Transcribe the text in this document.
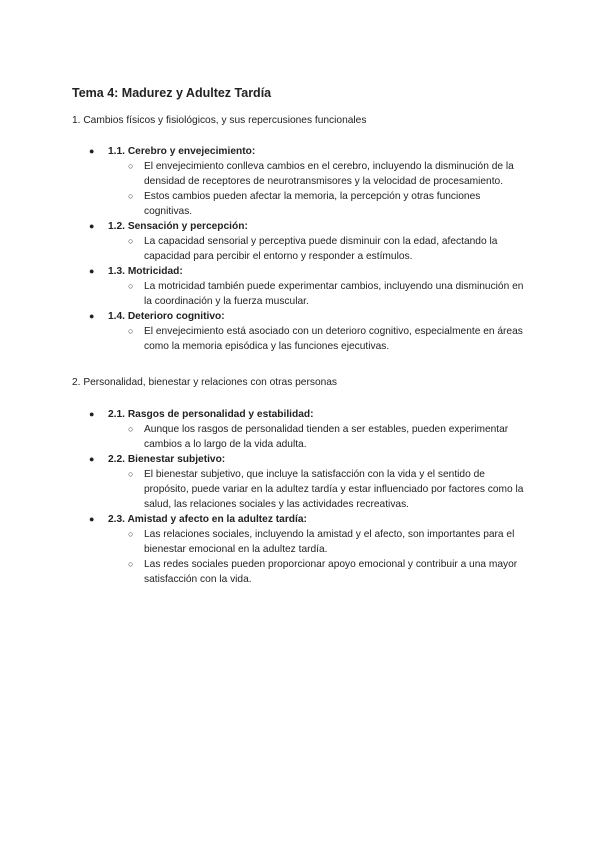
Tema 4: Madurez y Adultez Tardía

1. Cambios físicos y fisiológicos, y sus repercusiones funcionales

● 1.1. Cerebro y envejecimiento:
○ El envejecimiento conlleva cambios en el cerebro, incluyendo la disminución de la densidad de receptores de neurotransmisores y la velocidad de procesamiento.
○ Estos cambios pueden afectar la memoria, la percepción y otras funciones cognitivas.
● 1.2. Sensación y percepción:
○ La capacidad sensorial y perceptiva puede disminuir con la edad, afectando la capacidad para percibir el entorno y responder a estímulos.
● 1.3. Motricidad:
○ La motricidad también puede experimentar cambios, incluyendo una disminución en la coordinación y la fuerza muscular.
● 1.4. Deterioro cognitivo:
○ El envejecimiento está asociado con un deterioro cognitivo, especialmente en áreas como la memoria episódica y las funciones ejecutivas.

2. Personalidad, bienestar y relaciones con otras personas

● 2.1. Rasgos de personalidad y estabilidad:
○ Aunque los rasgos de personalidad tienden a ser estables, pueden experimentar cambios a lo largo de la vida adulta.
● 2.2. Bienestar subjetivo:
○ El bienestar subjetivo, que incluye la satisfacción con la vida y el sentido de propósito, puede variar en la adultez tardía y estar influenciado por factores como la salud, las relaciones sociales y las actividades recreativas.
● 2.3. Amistad y afecto en la adultez tardía:
○ Las relaciones sociales, incluyendo la amistad y el afecto, son importantes para el bienestar emocional en la adultez tardía.
○ Las redes sociales pueden proporcionar apoyo emocional y contribuir a una mayor satisfacción con la vida.
